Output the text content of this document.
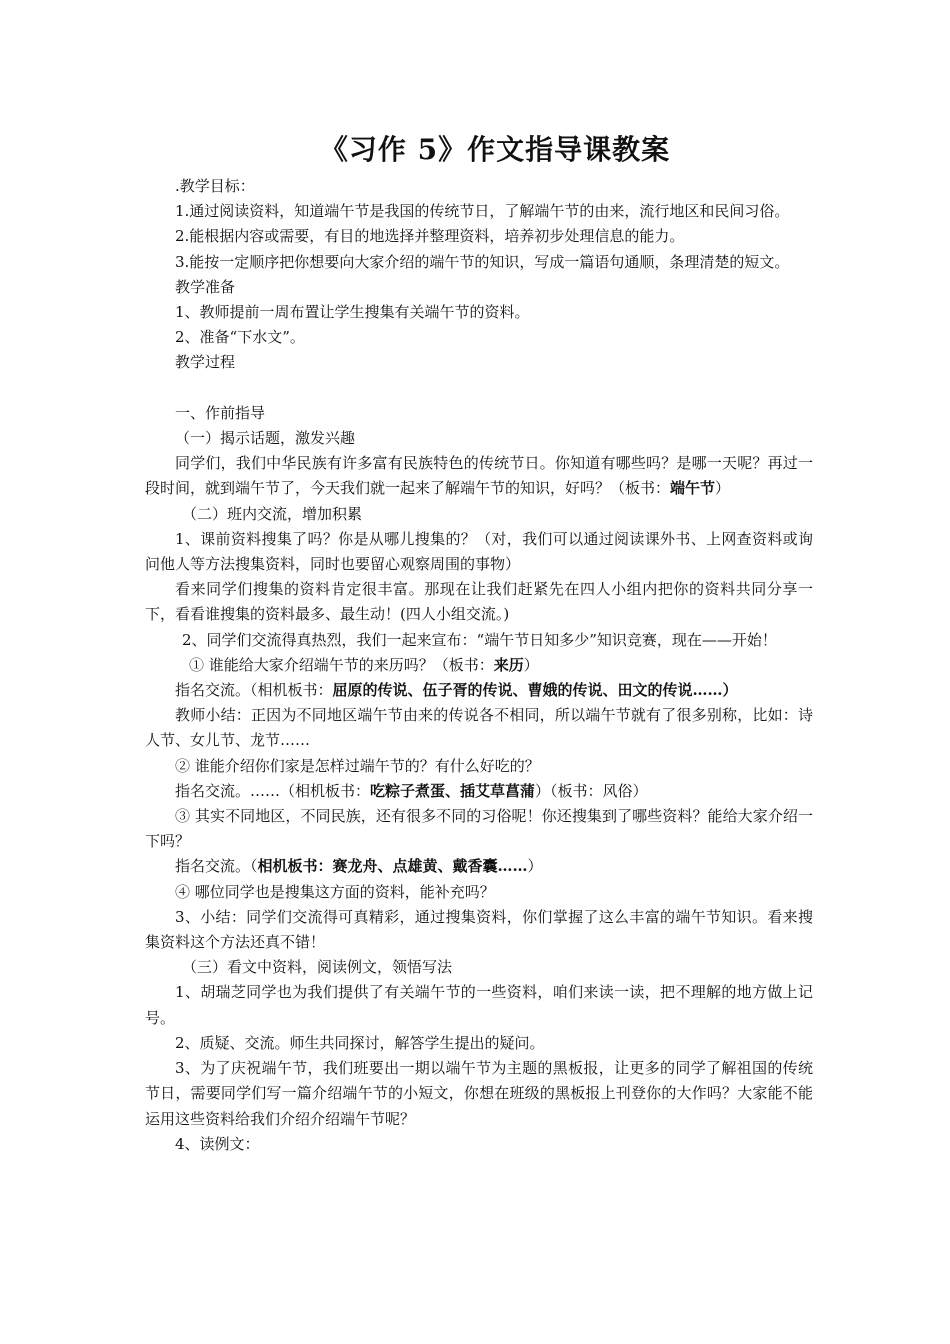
《习作 5》作文指导课教案

.教学目标：

1.通过阅读资料，知道端午节是我国的传统节日，了解端午节的由来，流行地区和民间习俗。

2.能根据内容或需要，有目的地选择并整理资料，培养初步处理信息的能力。

3.能按一定顺序把你想要向大家介绍的端午节的知识，写成一篇语句通顺，条理清楚的短文。

教学准备

1、教师提前一周布置让学生搜集有关端午节的资料。

2、准备“下水文”。

教学过程

一、作前指导

（一）揭示话题，激发兴趣

同学们，我们中华民族有许多富有民族特色的传统节日。你知道有哪些吗？是哪一天呢？再过一段时间，就到端午节了，今天我们就一起来了解端午节的知识，好吗？（板书：端午节）

（二）班内交流，增加积累

1、课前资料搜集了吗？你是从哪儿搜集的？（对，我们可以通过阅读课外书、上网查资料或询问他人等方法搜集资料，同时也要留心观察周围的事物）

看来同学们搜集的资料肯定很丰富。那现在让我们赶紧先在四人小组内把你的资料共同分享一下，看看谁搜集的资料最多、最生动！(四人小组交流。)

2、同学们交流得真热烈，我们一起来宣布：“端午节日知多少”知识竞赛，现在——开始！

① 谁能给大家介绍端午节的来历吗？（板书：来历）

指名交流。（相机板书：屈原的传说、伍子胥的传说、曹娥的传说、田文的传说……）

教师小结：正因为不同地区端午节由来的传说各不相同，所以端午节就有了很多别称，比如：诗人节、女儿节、龙节……

② 谁能介绍你们家是怎样过端午节的？有什么好吃的？

指名交流。……（相机板书：吃粽子煮蛋、插艾草菖蒲）（板书：风俗）

③ 其实不同地区，不同民族，还有很多不同的习俗呢！你还搜集到了哪些资料？能给大家介绍一下吗？

指名交流。（相机板书：赛龙舟、点雄黄、戴香囊……）

④ 哪位同学也是搜集这方面的资料，能补充吗？

3、小结：同学们交流得可真精彩，通过搜集资料，你们掌握了这么丰富的端午节知识。看来搜集资料这个方法还真不错！

（三）看文中资料，阅读例文，领悟写法

1、胡瑞芝同学也为我们提供了有关端午节的一些资料，咱们来读一读，把不理解的地方做上记号。

2、质疑、交流。师生共同探讨，解答学生提出的疑问。

3、为了庆祝端午节，我们班要出一期以端午节为主题的黑板报，让更多的同学了解祖国的传统节日，需要同学们写一篇介绍端午节的小短文，你想在班级的黑板报上刊登你的大作吗？大家能不能运用这些资料给我们介绍介绍端午节呢？

4、读例文：
